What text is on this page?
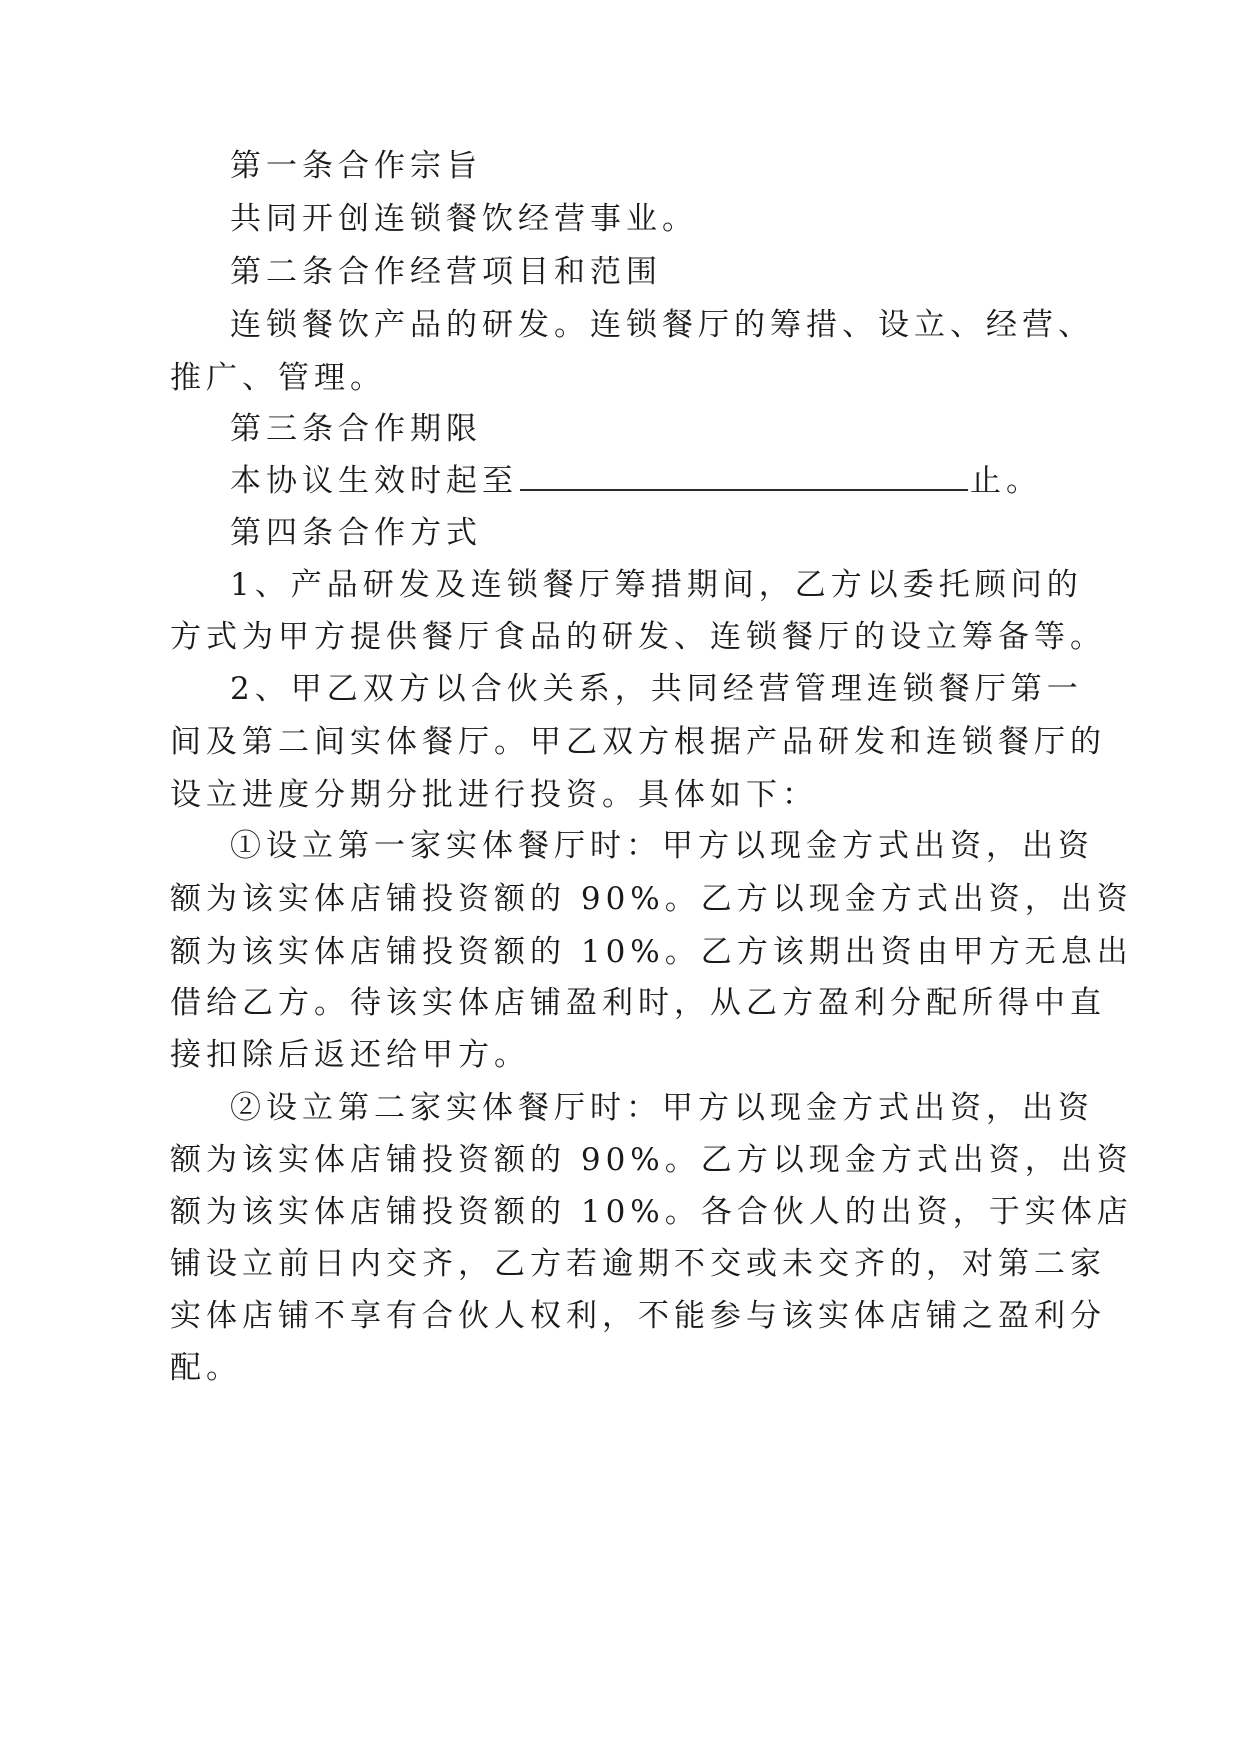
第一条合作宗旨
共同开创连锁餐饮经营事业。
第二条合作经营项目和范围
连锁餐饮产品的研发。连锁餐厅的筹措、设立、经营、
推广、管理。
第三条合作期限
本协议生效时起至	止。
第四条合作方式
1、产品研发及连锁餐厅筹措期间，乙方以委托顾问的
方式为甲方提供餐厅食品的研发、连锁餐厅的设立筹备等。
2、甲乙双方以合伙关系，共同经营管理连锁餐厅第一
间及第二间实体餐厅。甲乙双方根据产品研发和连锁餐厅的
设立进度分期分批进行投资。具体如下：
①设立第一家实体餐厅时：甲方以现金方式出资，出资
额为该实体店铺投资额的 90%。乙方以现金方式出资，出资
额为该实体店铺投资额的 10%。乙方该期出资由甲方无息出
借给乙方。待该实体店铺盈利时，从乙方盈利分配所得中直
接扣除后返还给甲方。
②设立第二家实体餐厅时：甲方以现金方式出资，出资
额为该实体店铺投资额的 90%。乙方以现金方式出资，出资
额为该实体店铺投资额的 10%。各合伙人的出资，于实体店
铺设立前日内交齐，乙方若逾期不交或未交齐的，对第二家
实体店铺不享有合伙人权利，不能参与该实体店铺之盈利分
配。
